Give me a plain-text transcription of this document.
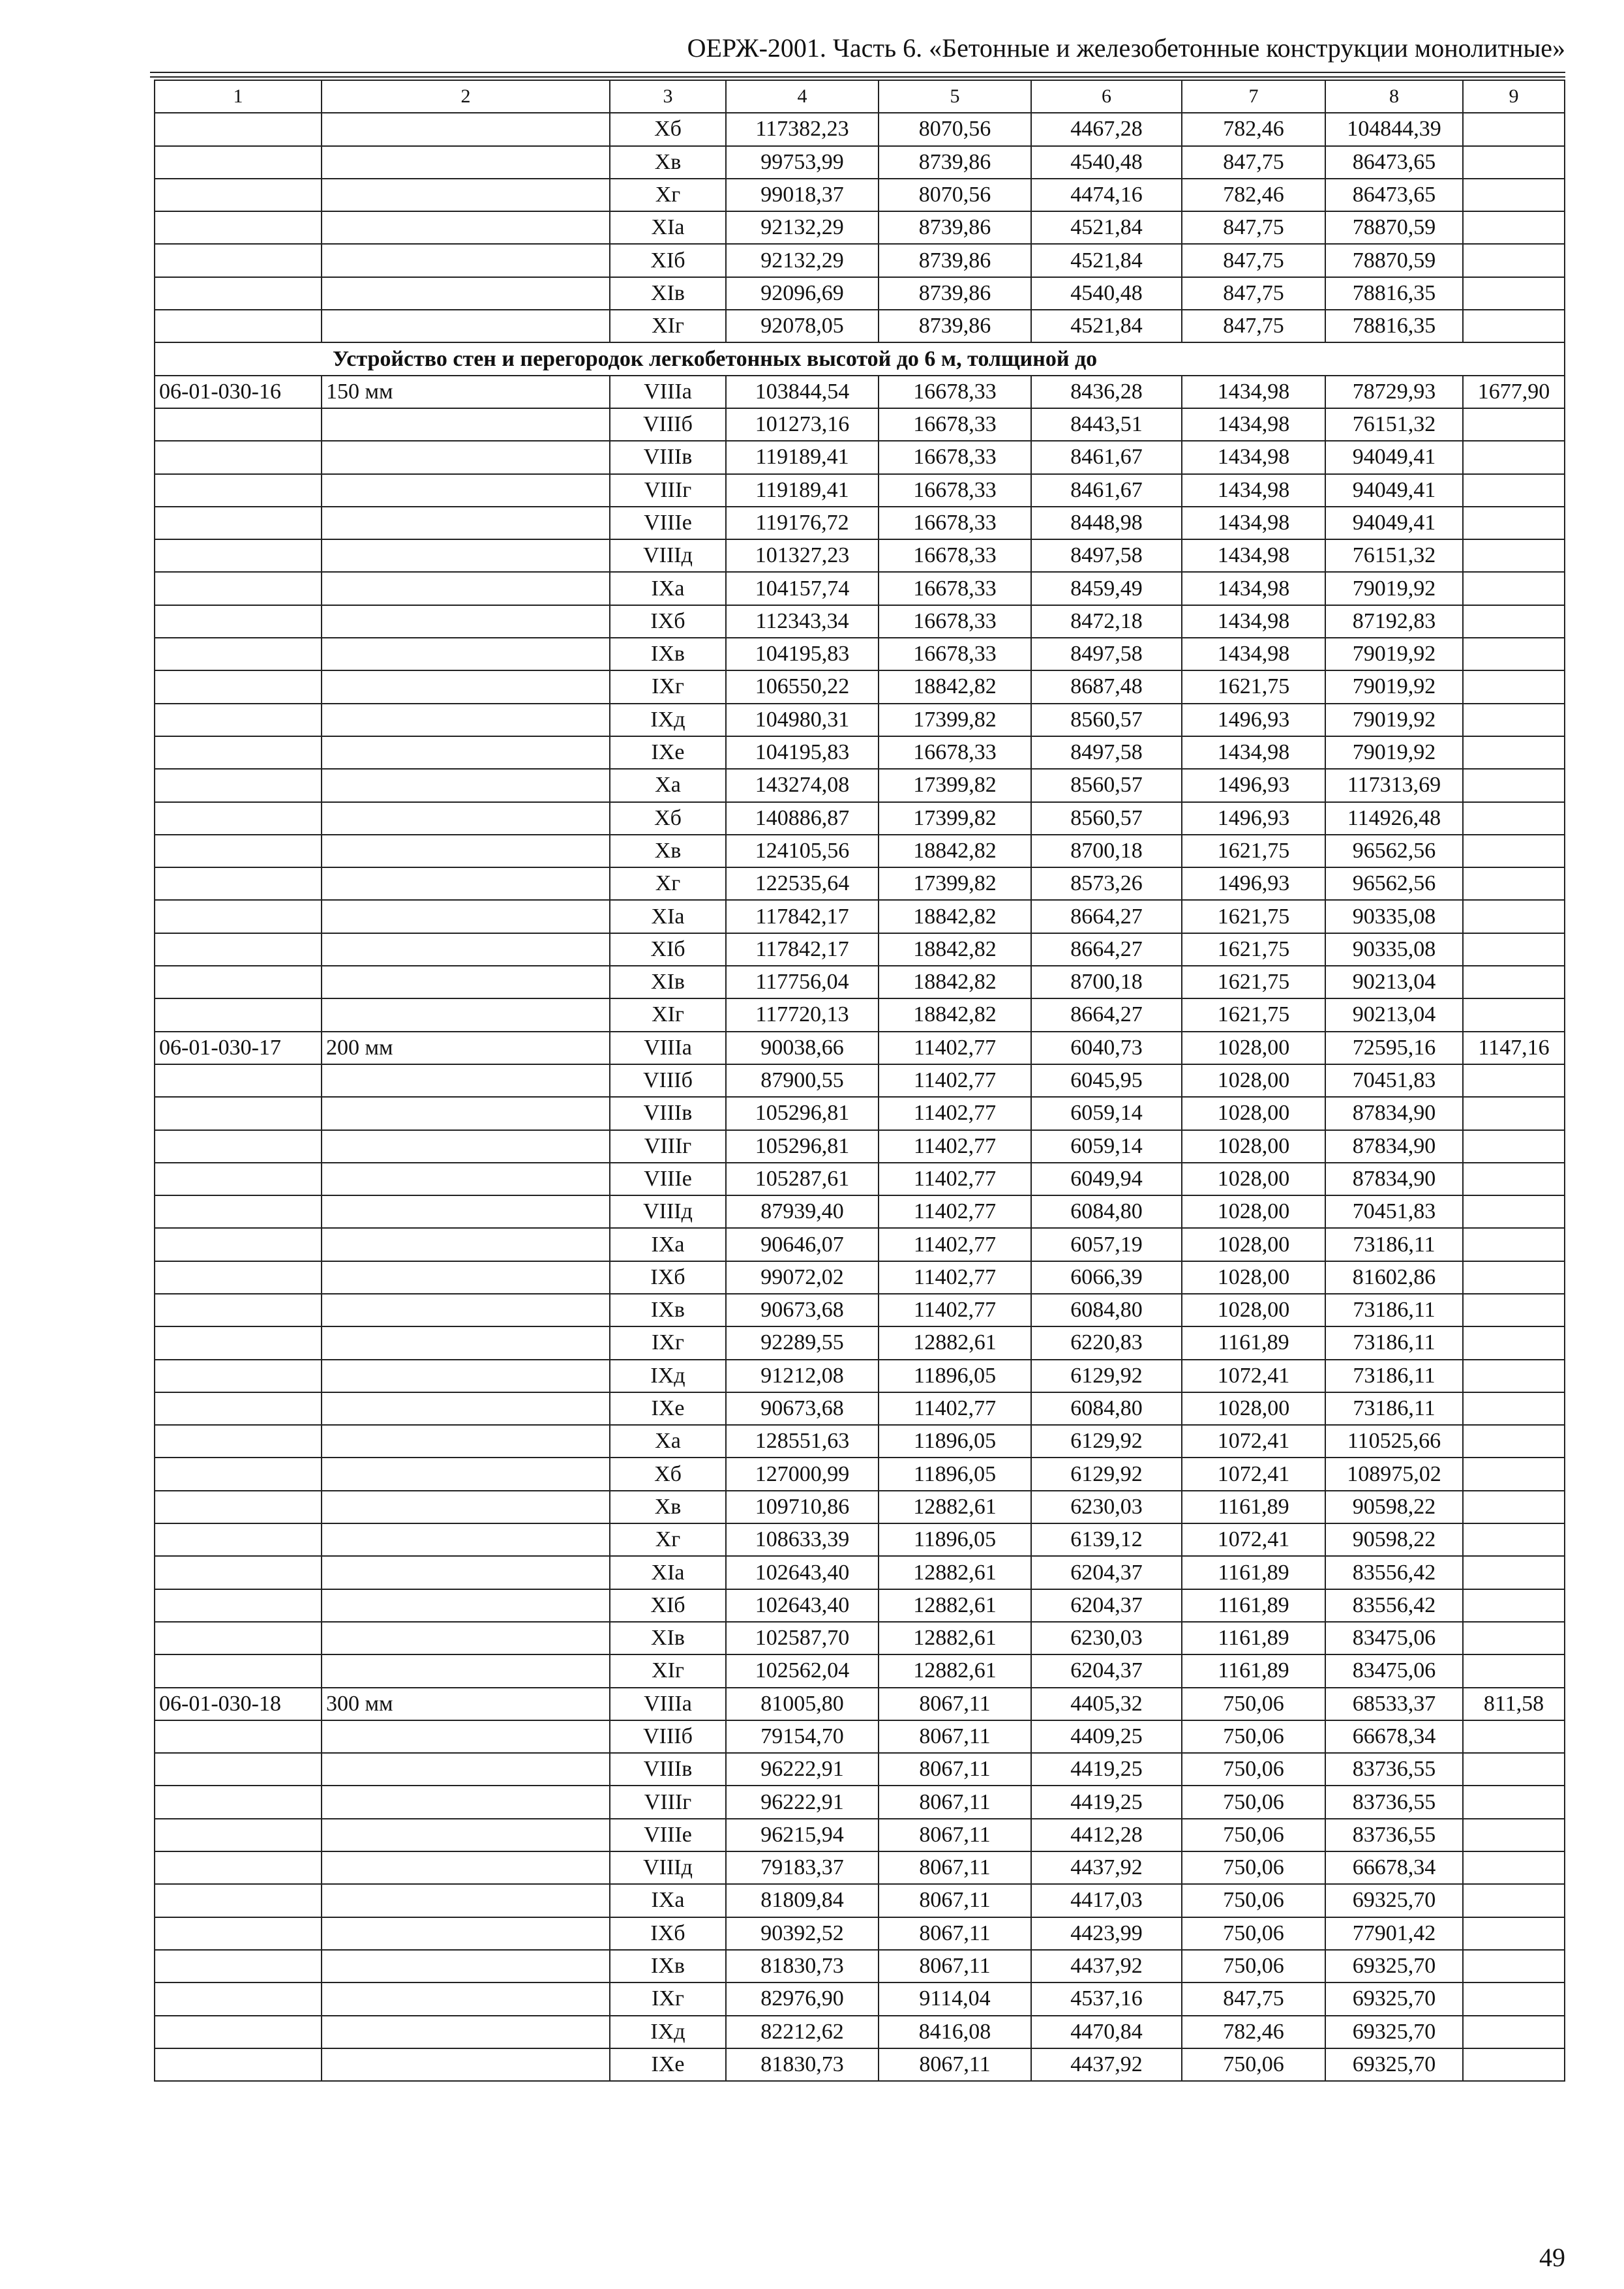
ОЕРЖ-2001. Часть 6. «Бетонные и железобетонные конструкции монолитные»
1	2	3	4	5	6	7	8	9
		Xб	117382,23	8070,56	4467,28	782,46	104844,39	
		Xв	99753,99	8739,86	4540,48	847,75	86473,65	
		Xг	99018,37	8070,56	4474,16	782,46	86473,65	
		XIа	92132,29	8739,86	4521,84	847,75	78870,59	
		XIб	92132,29	8739,86	4521,84	847,75	78870,59	
		XIв	92096,69	8739,86	4540,48	847,75	78816,35	
		XIг	92078,05	8739,86	4521,84	847,75	78816,35	
Устройство стен и перегородок легкобетонных высотой до 6 м, толщиной до								
06-01-030-16	150 мм	VIIIа	103844,54	16678,33	8436,28	1434,98	78729,93	1677,90
		VIIIб	101273,16	16678,33	8443,51	1434,98	76151,32	
		VIIIв	119189,41	16678,33	8461,67	1434,98	94049,41	
		VIIIг	119189,41	16678,33	8461,67	1434,98	94049,41	
		VIIIе	119176,72	16678,33	8448,98	1434,98	94049,41	
		VIIIд	101327,23	16678,33	8497,58	1434,98	76151,32	
		IXа	104157,74	16678,33	8459,49	1434,98	79019,92	
		IXб	112343,34	16678,33	8472,18	1434,98	87192,83	
		IXв	104195,83	16678,33	8497,58	1434,98	79019,92	
		IXг	106550,22	18842,82	8687,48	1621,75	79019,92	
		IXд	104980,31	17399,82	8560,57	1496,93	79019,92	
		IXе	104195,83	16678,33	8497,58	1434,98	79019,92	
		Xа	143274,08	17399,82	8560,57	1496,93	117313,69	
		Xб	140886,87	17399,82	8560,57	1496,93	114926,48	
		Xв	124105,56	18842,82	8700,18	1621,75	96562,56	
		Xг	122535,64	17399,82	8573,26	1496,93	96562,56	
		XIа	117842,17	18842,82	8664,27	1621,75	90335,08	
		XIб	117842,17	18842,82	8664,27	1621,75	90335,08	
		XIв	117756,04	18842,82	8700,18	1621,75	90213,04	
		XIг	117720,13	18842,82	8664,27	1621,75	90213,04	
06-01-030-17	200 мм	VIIIа	90038,66	11402,77	6040,73	1028,00	72595,16	1147,16
		VIIIб	87900,55	11402,77	6045,95	1028,00	70451,83	
		VIIIв	105296,81	11402,77	6059,14	1028,00	87834,90	
		VIIIг	105296,81	11402,77	6059,14	1028,00	87834,90	
		VIIIе	105287,61	11402,77	6049,94	1028,00	87834,90	
		VIIIд	87939,40	11402,77	6084,80	1028,00	70451,83	
		IXа	90646,07	11402,77	6057,19	1028,00	73186,11	
		IXб	99072,02	11402,77	6066,39	1028,00	81602,86	
		IXв	90673,68	11402,77	6084,80	1028,00	73186,11	
		IXг	92289,55	12882,61	6220,83	1161,89	73186,11	
		IXд	91212,08	11896,05	6129,92	1072,41	73186,11	
		IXе	90673,68	11402,77	6084,80	1028,00	73186,11	
		Xа	128551,63	11896,05	6129,92	1072,41	110525,66	
		Xб	127000,99	11896,05	6129,92	1072,41	108975,02	
		Xв	109710,86	12882,61	6230,03	1161,89	90598,22	
		Xг	108633,39	11896,05	6139,12	1072,41	90598,22	
		XIа	102643,40	12882,61	6204,37	1161,89	83556,42	
		XIб	102643,40	12882,61	6204,37	1161,89	83556,42	
		XIв	102587,70	12882,61	6230,03	1161,89	83475,06	
		XIг	102562,04	12882,61	6204,37	1161,89	83475,06	
06-01-030-18	300 мм	VIIIа	81005,80	8067,11	4405,32	750,06	68533,37	811,58
		VIIIб	79154,70	8067,11	4409,25	750,06	66678,34	
		VIIIв	96222,91	8067,11	4419,25	750,06	83736,55	
		VIIIг	96222,91	8067,11	4419,25	750,06	83736,55	
		VIIIе	96215,94	8067,11	4412,28	750,06	83736,55	
		VIIIд	79183,37	8067,11	4437,92	750,06	66678,34	
		IXа	81809,84	8067,11	4417,03	750,06	69325,70	
		IXб	90392,52	8067,11	4423,99	750,06	77901,42	
		IXв	81830,73	8067,11	4437,92	750,06	69325,70	
		IXг	82976,90	9114,04	4537,16	847,75	69325,70	
		IXд	82212,62	8416,08	4470,84	782,46	69325,70	
		IXе	81830,73	8067,11	4437,92	750,06	69325,70	
49
